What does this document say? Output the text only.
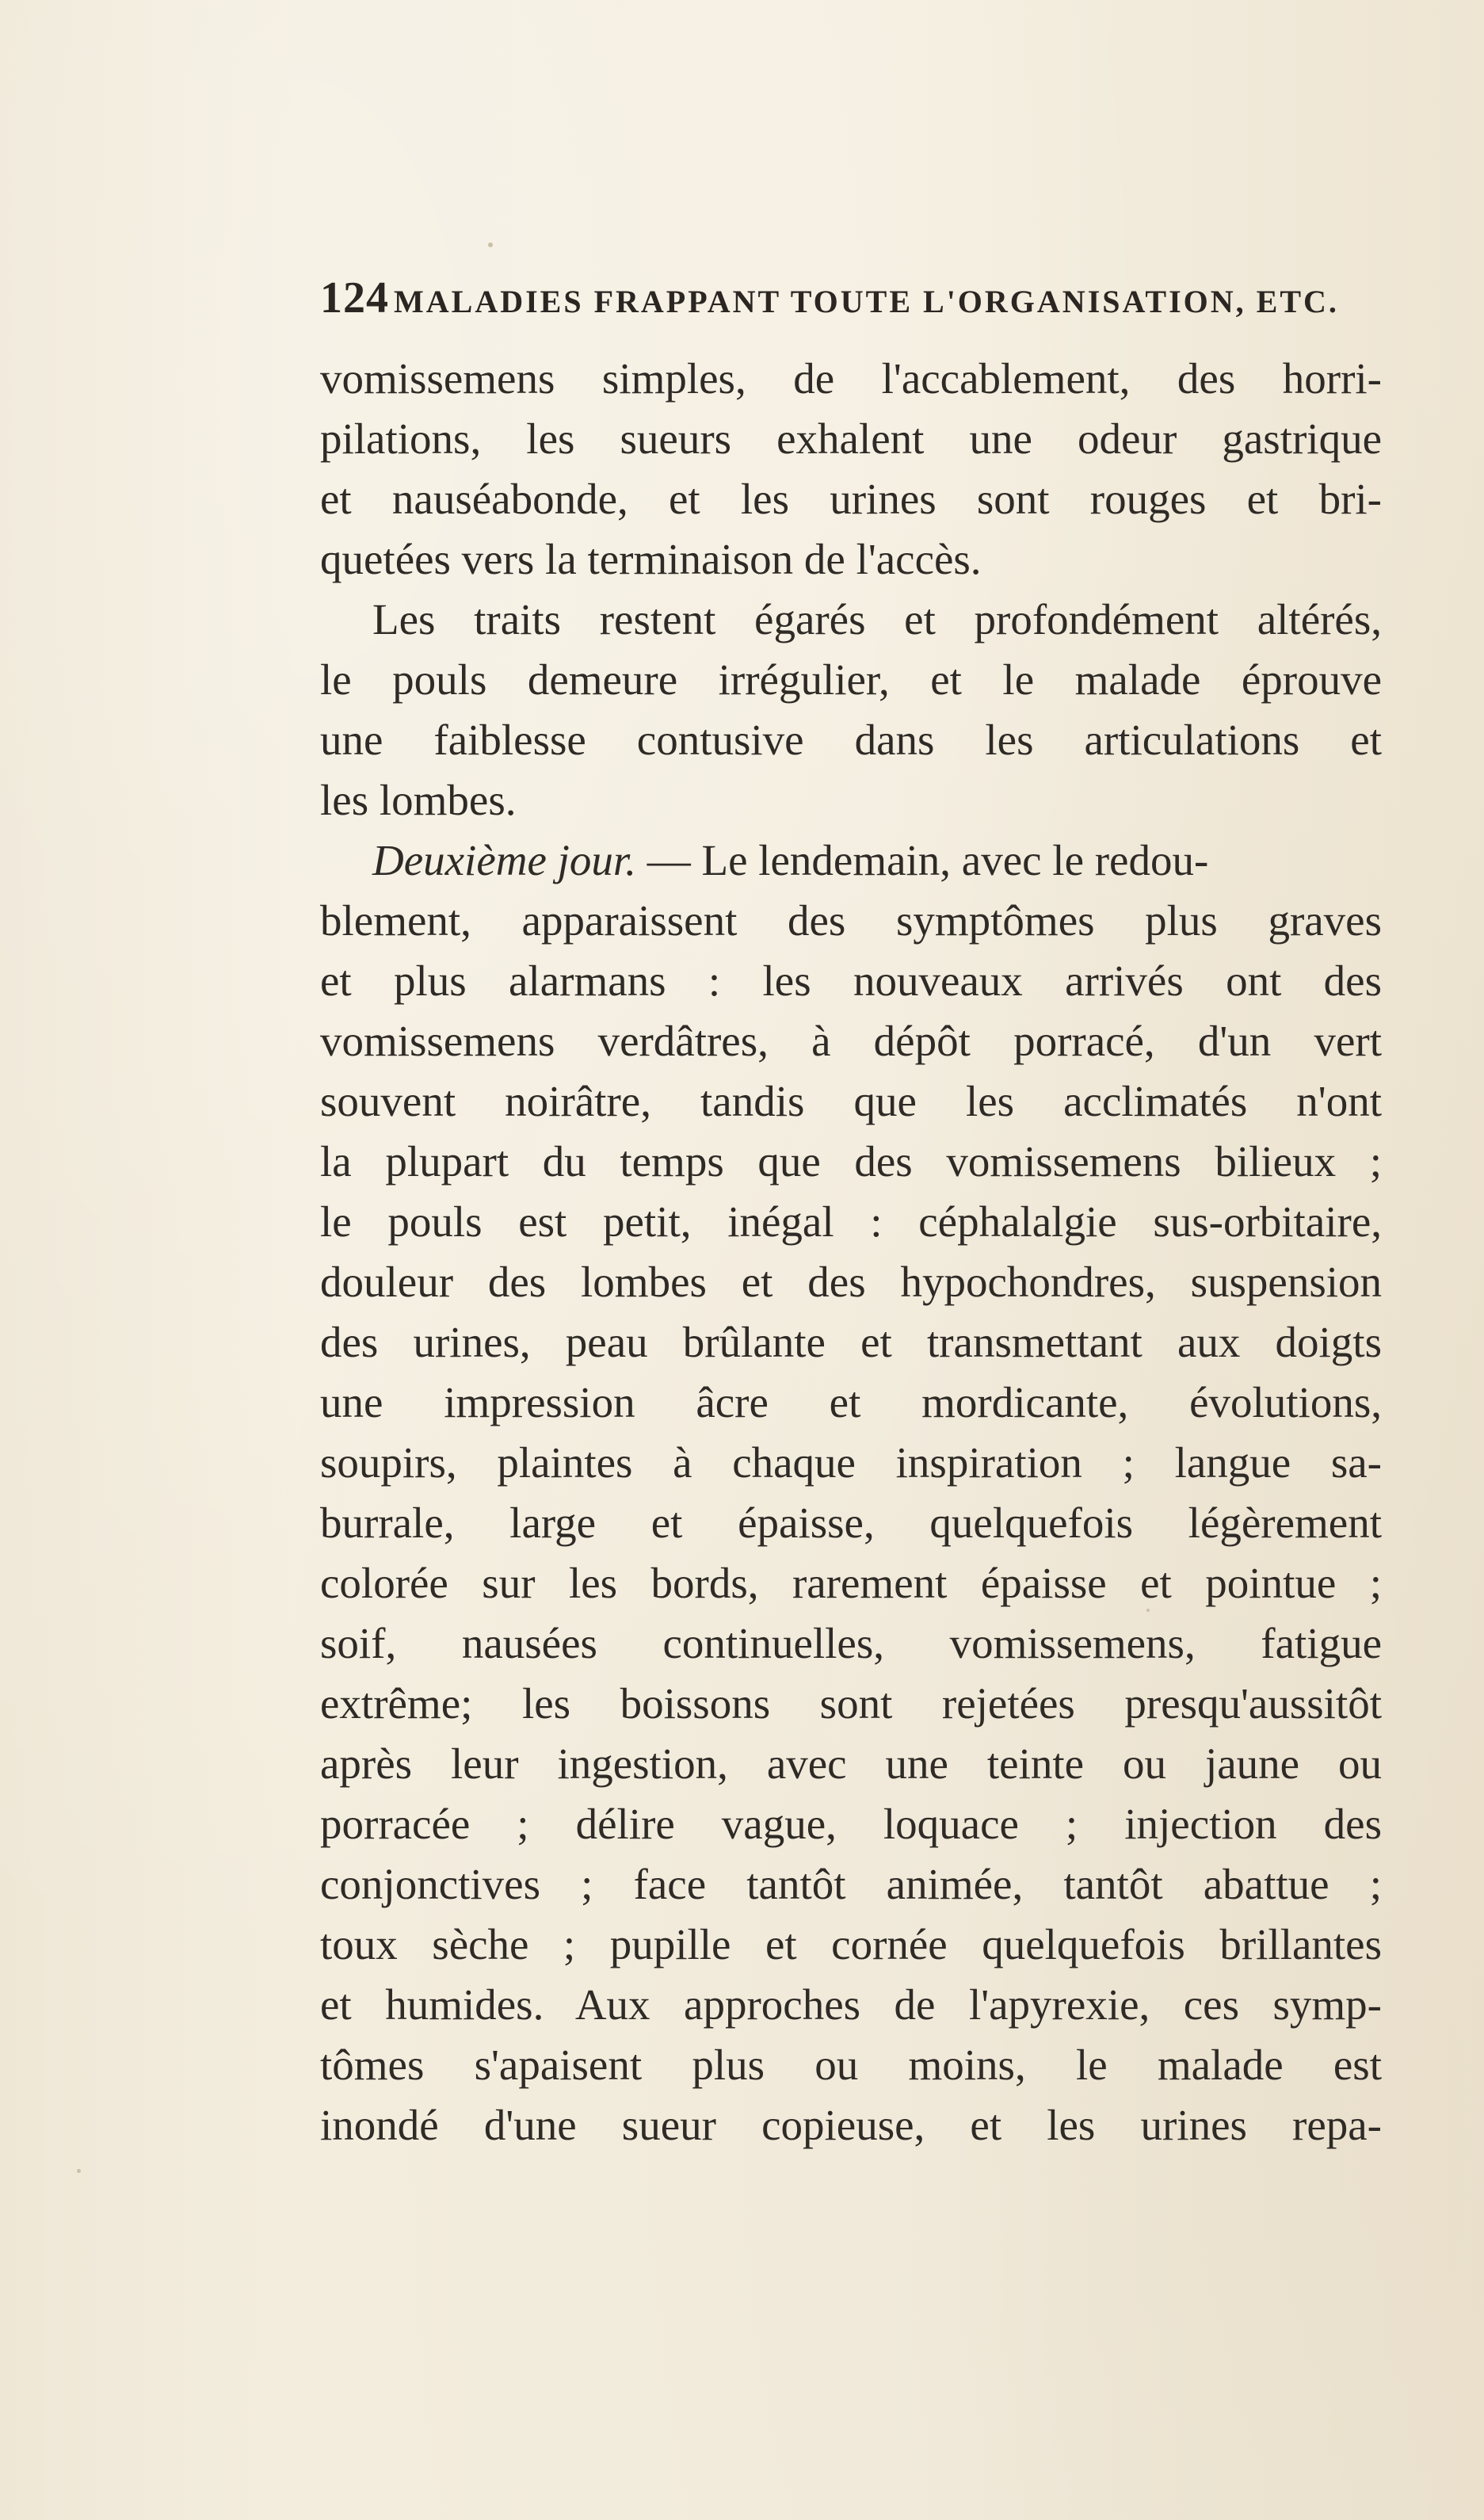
124 MALADIES FRAPPANT TOUTE L'ORGANISATION, ETC.
vomissemens simples, de l'accablement, des horri-
pilations, les sueurs exhalent une odeur gastrique
et nauséabonde, et les urines sont rouges et bri-
quetées vers la terminaison de l'accès.
Les traits restent égarés et profondément altérés,
le pouls demeure irrégulier, et le malade éprouve
une faiblesse contusive dans les articulations et
les lombes.
Deuxième jour. — Le lendemain, avec le redou-
blement, apparaissent des symptômes plus graves
et plus alarmans : les nouveaux arrivés ont des
vomissemens verdâtres, à dépôt porracé, d'un vert
souvent noirâtre, tandis que les acclimatés n'ont
la plupart du temps que des vomissemens bilieux ;
le pouls est petit, inégal : céphalalgie sus-orbitaire,
douleur des lombes et des hypochondres, suspension
des urines, peau brûlante et transmettant aux doigts
une impression âcre et mordicante, évolutions,
soupirs, plaintes à chaque inspiration ; langue sa-
burrale, large et épaisse, quelquefois légèrement
colorée sur les bords, rarement épaisse et pointue ;
soif, nausées continuelles, vomissemens, fatigue
extrême; les boissons sont rejetées presqu'aussitôt
après leur ingestion, avec une teinte ou jaune ou
porracée ; délire vague, loquace ; injection des
conjonctives ; face tantôt animée, tantôt abattue ;
toux sèche ; pupille et cornée quelquefois brillantes
et humides. Aux approches de l'apyrexie, ces symp-
tômes s'apaisent plus ou moins, le malade est
inondé d'une sueur copieuse, et les urines repa-
